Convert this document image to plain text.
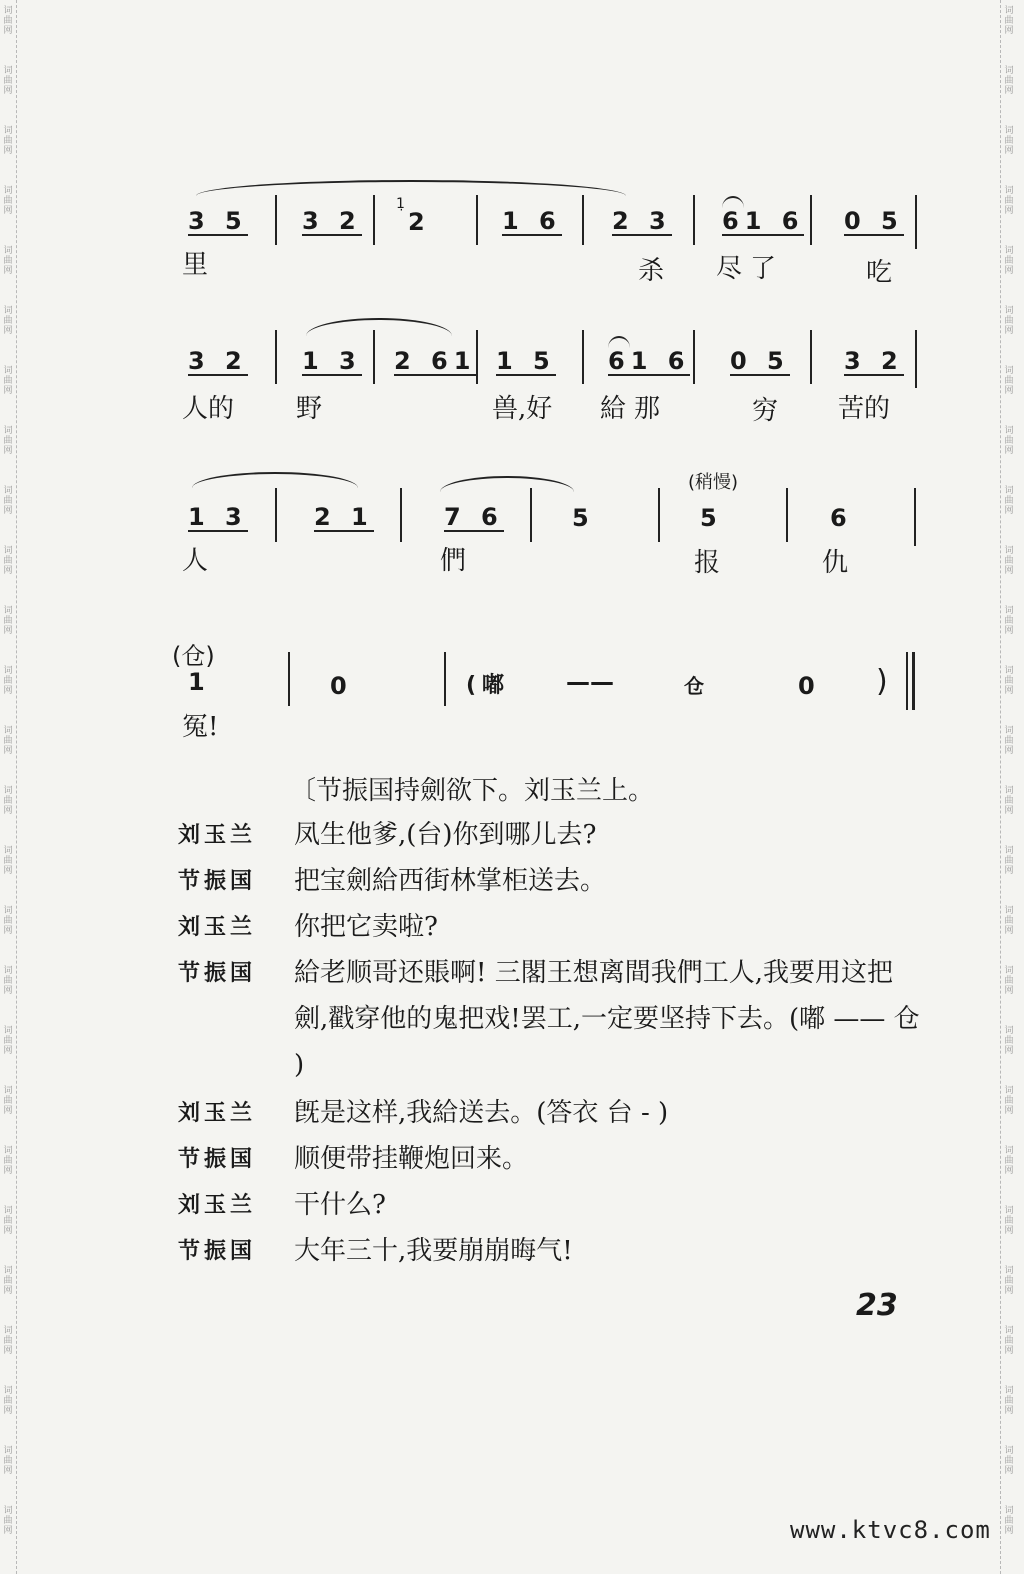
词
曲
网
词
曲
网
词
曲
网
词
曲
网
词
曲
网
词
曲
网
词
曲
网
词
曲
网
词
曲
网
词
曲
网
词
曲
网
词
曲
网
词
曲
网
词
曲
网
词
曲
网
词
曲
网
词
曲
网
词
曲
网
词
曲
网
词
曲
网
词
曲
网
词
曲
网
词
曲
网
词
曲
网
词
曲
网
词
曲
网
词
曲
网
词
曲
网
词
曲
网
词
曲
网
词
曲
网
词
曲
网
词
曲
网
词
曲
网
词
曲
网
词
曲
网
词
曲
网
词
曲
网
词
曲
网
词
曲
网
词
曲
网
词
曲
网
词
曲
网
词
曲
网
词
曲
网
词
曲
网
词
曲
网
词
曲
网
词
曲
网
词
曲
网
词
曲
网
词
曲
网
3 5 3 2
1̣
2	1 6 2 3 61 6 0 5
里	杀 尽了	吃
3 2 1 3 2 61 1 5 61 6 0 5 3 2
人的 野	兽,好 給那	穷 苦的
(稍慢)
1 3	2 1	7 6	5	5	6
人	們	报	仇
(仓)
1	0	(嘟 ——	仓	0 )
冤!
〔节振国持劍欲下。刘玉兰上。
刘玉兰 凤生他爹,(台)你到哪儿去?
节振国 把宝劍給西街林掌柜送去。
刘玉兰 你把它卖啦?
节振国 給老顺哥还賬啊! 三閣王想离間我們工人,我要用这把劍,戳穿他的鬼把戏!罢工,一定要坚持下去。(嘟 —— 仓 )
刘玉兰 旣是这样,我給送去。(答衣 台 - )
节振国 顺便带挂鞭炮回来。
刘玉兰 干什么?
节振国 大年三十,我要崩崩晦气!
23
www.ktvc8.com
